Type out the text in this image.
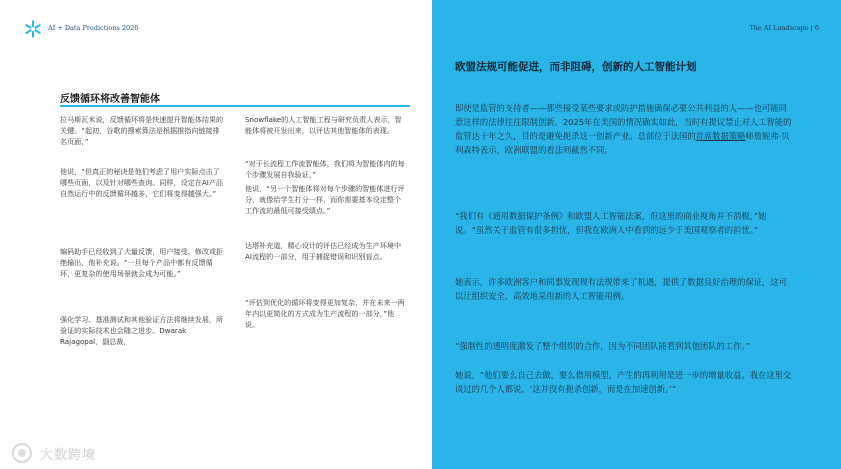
AI + Data Predictions 2026	The AI Landscape | 6
反馈循环将改善智能体

拉马斯瓦米说，反馈循环将是快速提升智能体结果的关键。“起初，谷歌的搜索算法是根据推指向链接排名页面，”

他说，“但真正的秘诀是他们考虑了用户实际点击了哪些页面，以及针对哪些查询。同样，设定在AI产品自然运行中的反馈循环越多，它们将变得越强大。”

编码助手已经收到了大量反馈，用户接受、修改或拒绝输出，他补充说。“一旦每个产品中都有反馈循环，更复杂的使用场景就会成为可能。”

强化学习、基准测试和其他验证方法将继续发展，所验证的实际技术也会随之进步。Dwarak Rajagopal，副总裁，

Snowflake的人工智能工程与研究负责人表示，智能体将被开发出来，以评估其他智能体的表现。

“对于长流程工作流智能体，我们将为智能体内的每个步骤发展自我验证，”

他说，“另一个智能体将对每个步骤的智能体进行评分，就像给学生打分一样，而你需要基本设定整个工作流的最低可接受绩点。”

达塔补充道，精心设计的评估已经成为生产环境中AI流程的一部分，用于捕捉错误和识别盲点。

“评估到优化的循环将变得更加复杂，并在未来一两年内以更简化的方式成为生产流程的一部分，”他说。

欧盟法规可能促进，而非阻碍，创新的人工智能计划

即使是监管的支持者——那些接受某些要求或防护措施确保必要公共利益的人——也可能同意这样的法律往往限制创新。2025年在美国的情况确实如此，当时有提议禁止对人工智能的监管达十年之久，目的是避免扼杀这一创新产业。总部位于法国的首席数据策略师詹妮弗·贝利森特表示，欧洲联盟的看法则截然不同。

“我们有《通用数据保护条例》和欧盟人工智能法案，但这里的商业视角并不消极，”她说。“虽然关于监管有很多担忧，但我在欧洲人中看到的远少于美国观察者的担忧。”

她表示，许多欧洲客户和同事发现现有法规带来了机遇，提供了数据良好治理的保证，这可以让组织安全、高效地采用新的人工智能用例。

“强制性的透明度激发了整个组织的合作，因为不同团队能看到其他团队的工作。”

她说，“他们要么自己去做，要么借用模型，产生的再利用是进一步的增量收益。我在这里交谈过的几个人都说，‘这并没有扼杀创新，而是在加速创新。’”

大数跨境
